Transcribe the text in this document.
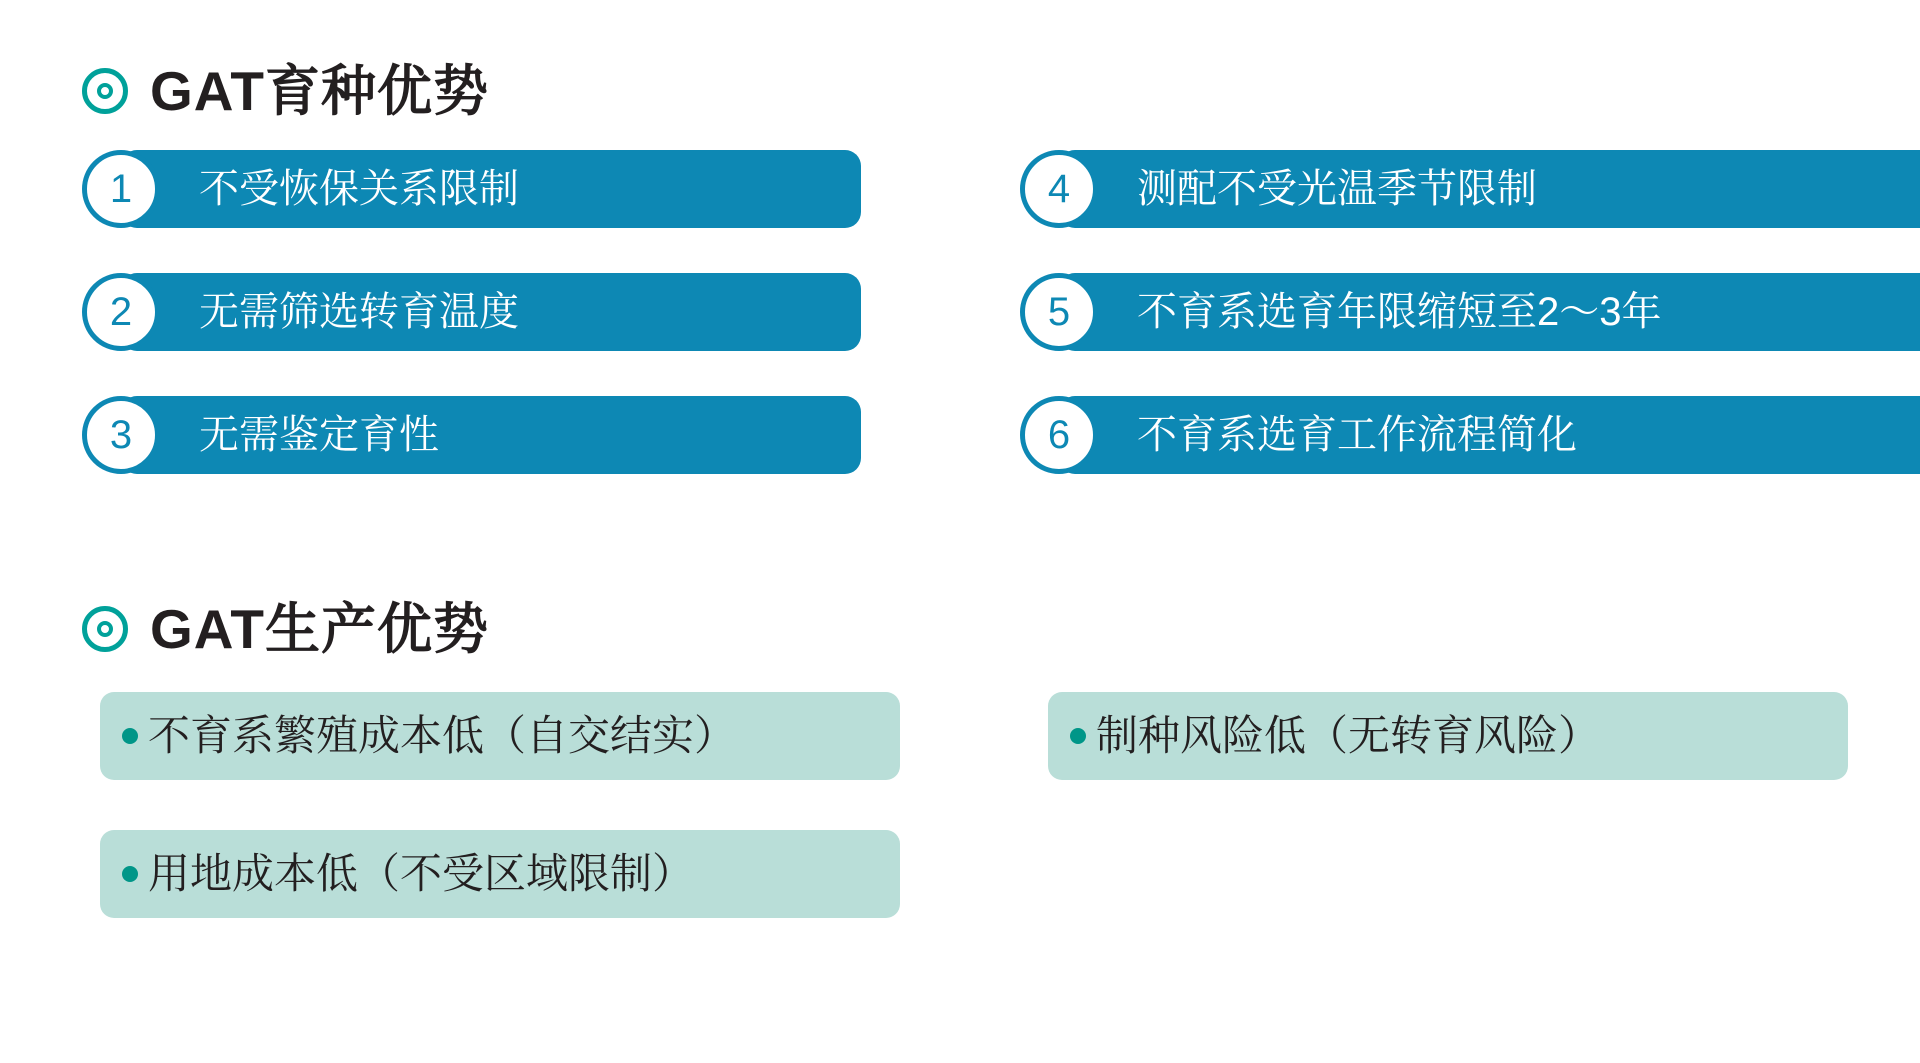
GAT育种优势
1	不受恢保关系限制
2	无需筛选转育温度
3	无需鉴定育性
4	测配不受光温季节限制
5	不育系选育年限缩短至2～3年
6	不育系选育工作流程简化
GAT生产优势
不育系繁殖成本低（自交结实）
用地成本低（不受区域限制）
制种风险低（无转育风险）
